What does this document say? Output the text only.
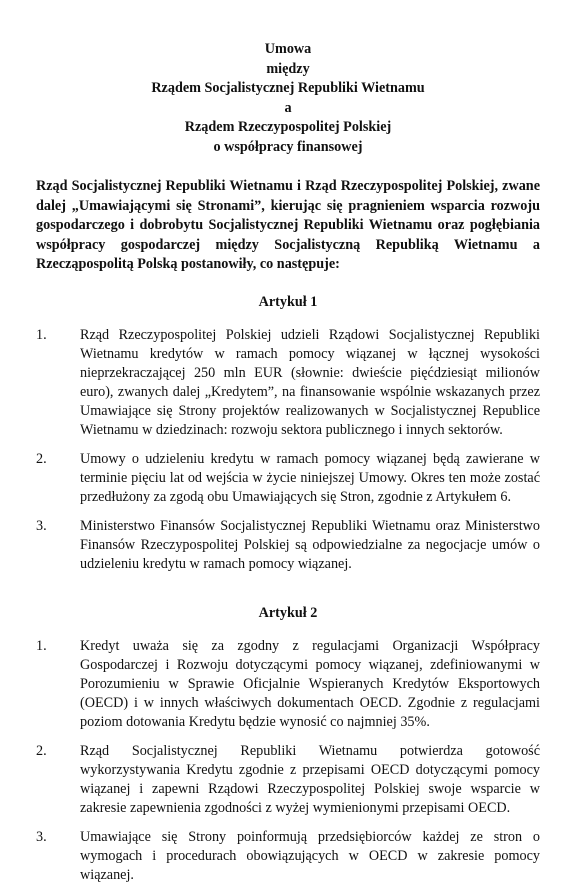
Umowa
między
Rządem Socjalistycznej Republiki Wietnamu
a
Rządem Rzeczypospolitej Polskiej
o współpracy finansowej
Rząd Socjalistycznej Republiki Wietnamu i Rząd Rzeczypospolitej Polskiej, zwane dalej „Umawiającymi się Stronami”, kierując się pragnieniem wsparcia rozwoju gospodarczego i dobrobytu Socjalistycznej Republiki Wietnamu oraz pogłębiania współpracy gospodarczej między Socjalistyczną Republiką Wietnamu a Rzecząpospolitą Polską postanowiły, co następuje:
Artykuł 1
1. Rząd Rzeczypospolitej Polskiej udzieli Rządowi Socjalistycznej Republiki Wietnamu kredytów w ramach pomocy wiązanej w łącznej wysokości nieprzekraczającej 250 mln EUR (słownie: dwieście pięćdziesiąt milionów euro), zwanych dalej „Kredytem”, na finansowanie wspólnie wskazanych przez Umawiające się Strony projektów realizowanych w Socjalistycznej Republice Wietnamu w dziedzinach: rozwoju sektora publicznego i innych sektorów.
2. Umowy o udzieleniu kredytu w ramach pomocy wiązanej będą zawierane w terminie pięciu lat od wejścia w życie niniejszej Umowy. Okres ten może zostać przedłużony za zgodą obu Umawiających się Stron, zgodnie z Artykułem 6.
3. Ministerstwo Finansów Socjalistycznej Republiki Wietnamu oraz Ministerstwo Finansów Rzeczypospolitej Polskiej są odpowiedzialne za negocjacje umów o udzieleniu kredytu w ramach pomocy wiązanej.
Artykuł 2
1. Kredyt uważa się za zgodny z regulacjami Organizacji Współpracy Gospodarczej i Rozwoju dotyczącymi pomocy wiązanej, zdefiniowanymi w Porozumieniu w Sprawie Oficjalnie Wspieranych Kredytów Eksportowych (OECD) i w innych właściwych dokumentach OECD. Zgodnie z regulacjami poziom dotowania Kredytu będzie wynosić co najmniej 35%.
2. Rząd Socjalistycznej Republiki Wietnamu potwierdza gotowość wykorzystywania Kredytu zgodnie z przepisami OECD dotyczącymi pomocy wiązanej i zapewni Rządowi Rzeczypospolitej Polskiej swoje wsparcie w zakresie zapewnienia zgodności z wyżej wymienionymi przepisami OECD.
3. Umawiające się Strony poinformują przedsiębiorców każdej ze stron o wymogach i procedurach obowiązujących w OECD w zakresie pomocy wiązanej.
